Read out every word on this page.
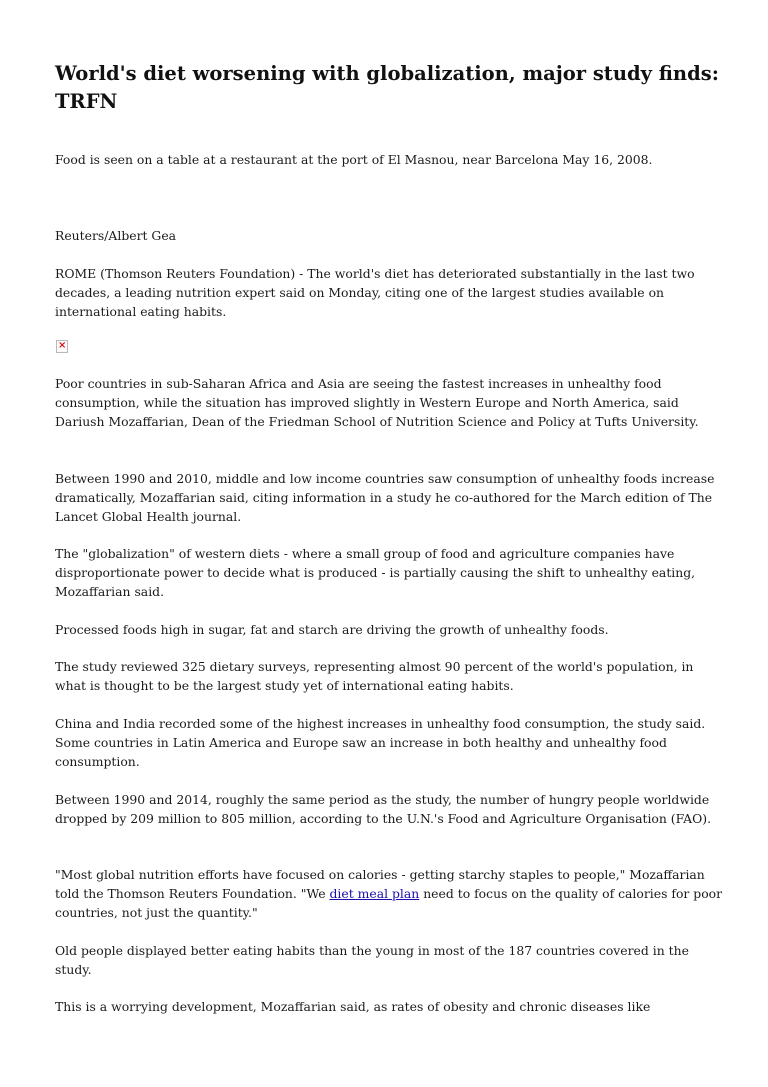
World's diet worsening with globalization, major study finds: TRFN

Food is seen on a table at a restaurant at the port of El Masnou, near Barcelona May 16, 2008.

Reuters/Albert Gea

ROME (Thomson Reuters Foundation) - The world's diet has deteriorated substantially in the last two decades, a leading nutrition expert said on Monday, citing one of the largest studies available on international eating habits.

×

Poor countries in sub-Saharan Africa and Asia are seeing the fastest increases in unhealthy food consumption, while the situation has improved slightly in Western Europe and North America, said Dariush Mozaffarian, Dean of the Friedman School of Nutrition Science and Policy at Tufts University.

Between 1990 and 2010, middle and low income countries saw consumption of unhealthy foods increase dramatically, Mozaffarian said, citing information in a study he co-authored for the March edition of The Lancet Global Health journal.

The "globalization" of western diets - where a small group of food and agriculture companies have disproportionate power to decide what is produced - is partially causing the shift to unhealthy eating, Mozaffarian said.

Processed foods high in sugar, fat and starch are driving the growth of unhealthy foods.

The study reviewed 325 dietary surveys, representing almost 90 percent of the world's population, in what is thought to be the largest study yet of international eating habits.

China and India recorded some of the highest increases in unhealthy food consumption, the study said. Some countries in Latin America and Europe saw an increase in both healthy and unhealthy food consumption.

Between 1990 and 2014, roughly the same period as the study, the number of hungry people worldwide dropped by 209 million to 805 million, according to the U.N.'s Food and Agriculture Organisation (FAO).

"Most global nutrition efforts have focused on calories - getting starchy staples to people," Mozaffarian told the Thomson Reuters Foundation. "We diet meal plan need to focus on the quality of calories for poor countries, not just the quantity."

Old people displayed better eating habits than the young in most of the 187 countries covered in the study.

This is a worrying development, Mozaffarian said, as rates of obesity and chronic diseases like
